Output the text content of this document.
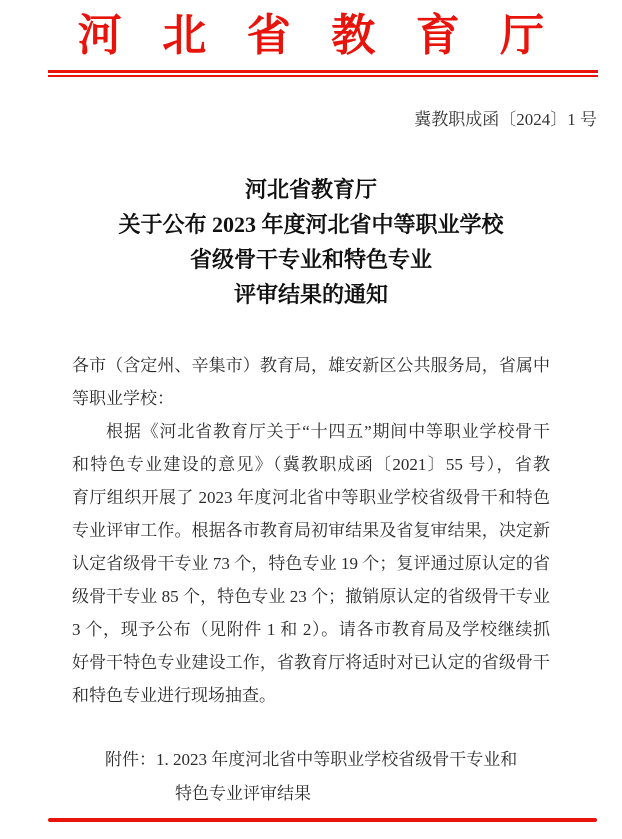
河北省教育厅
冀教职成函〔2024〕1 号
河北省教育厅
关于公布 2023 年度河北省中等职业学校
省级骨干专业和特色专业
评审结果的通知
各市（含定州、辛集市）教育局，雄安新区公共服务局，省属中
等职业学校：
根据《河北省教育厅关于“十四五”期间中等职业学校骨干
和特色专业建设的意见》（冀教职成函〔2021〕55 号），省教
育厅组织开展了 2023 年度河北省中等职业学校省级骨干和特色
专业评审工作。根据各市教育局初审结果及省复审结果，决定新
认定省级骨干专业 73 个，特色专业 19 个；复评通过原认定的省
级骨干专业 85 个，特色专业 23 个；撤销原认定的省级骨干专业
3 个，现予公布（见附件 1 和 2）。请各市教育局及学校继续抓
好骨干特色专业建设工作，省教育厅将适时对已认定的省级骨干
和特色专业进行现场抽查。
附件：1. 2023 年度河北省中等职业学校省级骨干专业和
特色专业评审结果
